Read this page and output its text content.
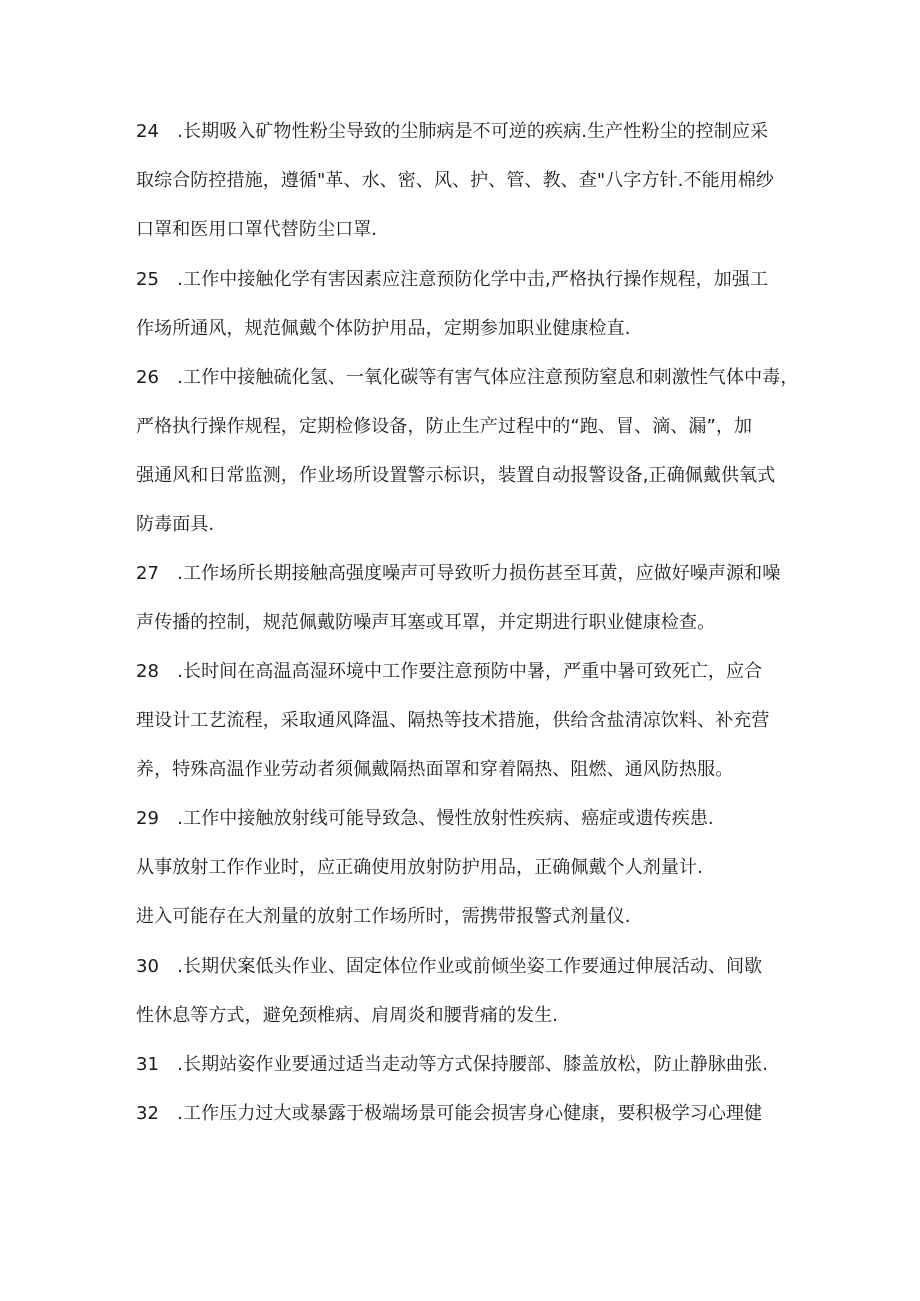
24　.长期吸入矿物性粉尘导致的尘肺病是不可逆的疾病.生产性粉尘的控制应采
取综合防控措施，遵循"革、水、密、风、护、管、教、查"八字方针.不能用棉纱
口罩和医用口罩代替防尘口罩.
25　.工作中接触化学有害因素应注意预防化学中击,严格执行操作规程，加强工
作场所通风，规范佩戴个体防护用品，定期参加职业健康检直.
26　.工作中接触硫化氢、一氧化碳等有害气体应注意预防窒息和刺激性气体中毒，
严格执行操作规程，定期检修设备，防止生产过程中的“跑、冒、滴、漏”，加
强通风和日常监测，作业场所设置警示标识，装置自动报警设备,正确佩戴供氧式
防毒面具.
27　.工作场所长期接触高强度噪声可导致听力损伤甚至耳黄，应做好噪声源和噪
声传播的控制，规范佩戴防噪声耳塞或耳罩，并定期进行职业健康检查。
28　.长时间在高温高湿环境中工作要注意预防中暑，严重中暑可致死亡，应合
理设计工艺流程，采取通风降温、隔热等技术措施，供给含盐清凉饮料、补充营
养，特殊高温作业劳动者须佩戴隔热面罩和穿着隔热、阻燃、通风防热服。
29　.工作中接触放射线可能导致急、慢性放射性疾病、癌症或遗传疾患.
从事放射工作作业时，应正确使用放射防护用品，正确佩戴个人剂量计.
进入可能存在大剂量的放射工作场所时，需携带报警式剂量仪.
30　.长期伏案低头作业、固定体位作业或前倾坐姿工作要通过伸展活动、间歇
性休息等方式，避免颈椎病、肩周炎和腰背痛的发生.
31　.长期站姿作业要通过适当走动等方式保持腰部、膝盖放松，防止静脉曲张.
32　.工作压力过大或暴露于极端场景可能会损害身心健康，要积极学习心理健
